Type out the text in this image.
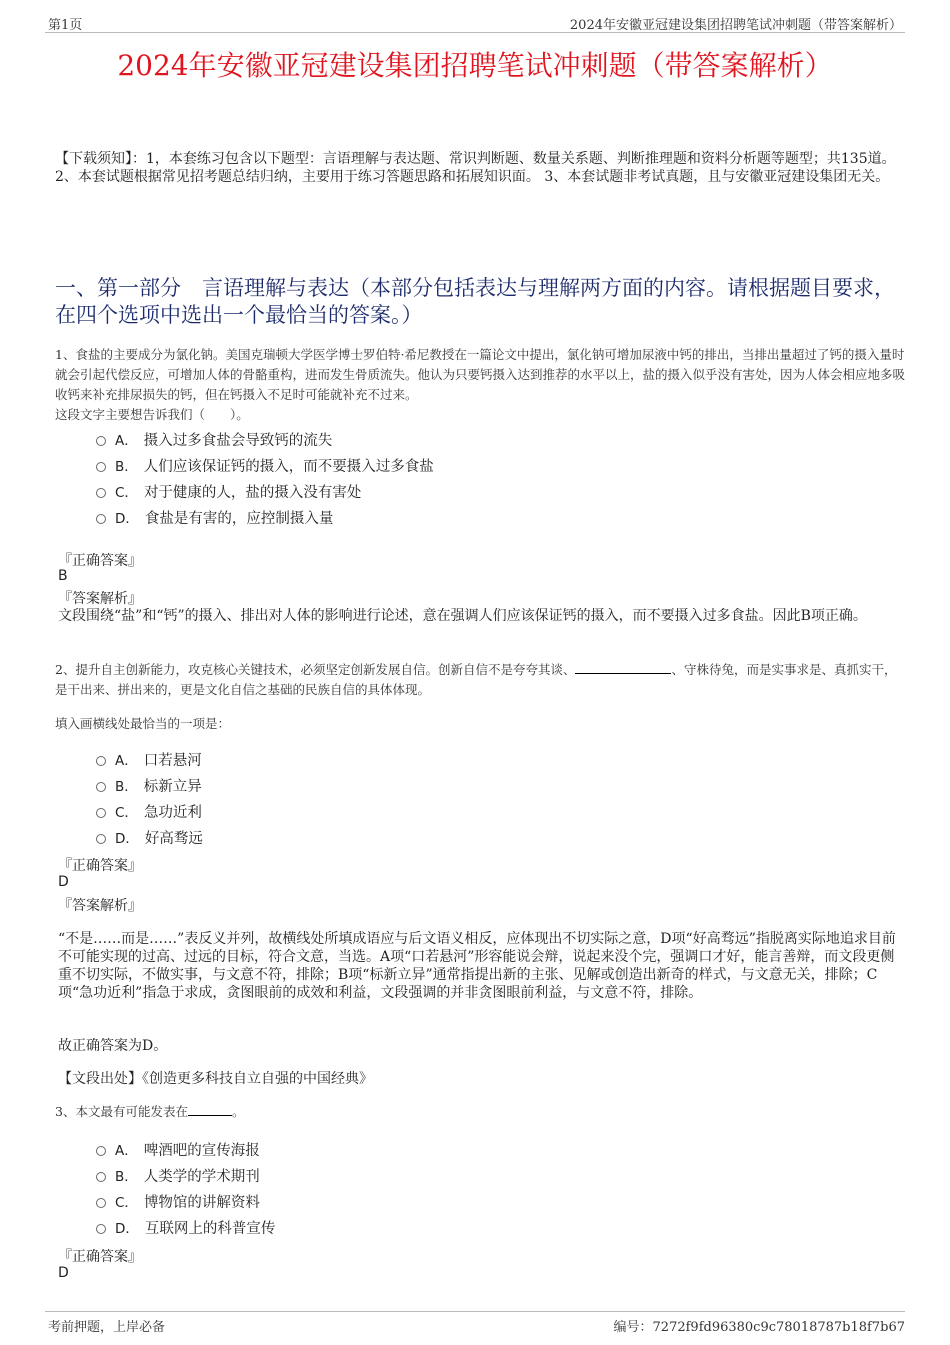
第1页	2024年安徽亚冠建设集团招聘笔试冲刺题（带答案解析）
2024年安徽亚冠建设集团招聘笔试冲刺题（带答案解析）
【下载须知】：1，本套练习包含以下题型：言语理解与表达题、常识判断题、数量关系题、判断推理题和资料分析题等题型；共135道。 2、本套试题根据常见招考题总结归纳，主要用于练习答题思路和拓展知识面。 3、本套试题非考试真题，且与安徽亚冠建设集团无关。
一、第一部分　言语理解与表达（本部分包括表达与理解两方面的内容。请根据题目要求，在四个选项中选出一个最恰当的答案。）
1、食盐的主要成分为氯化钠。美国克瑞顿大学医学博士罗伯特·希尼教授在一篇论文中提出，氯化钠可增加尿液中钙的排出，当排出量超过了钙的摄入量时就会引起代偿反应，可增加人体的骨骼重构，进而发生骨质流失。他认为只要钙摄入达到推荐的水平以上，盐的摄入似乎没有害处，因为人体会相应地多吸收钙来补充排尿损失的钙，但在钙摄入不足时可能就补充不过来。
这段文字主要想告诉我们（　　）。
A． 摄入过多食盐会导致钙的流失
B． 人们应该保证钙的摄入，而不要摄入过多食盐
C． 对于健康的人，盐的摄入没有害处
D． 食盐是有害的，应控制摄入量
『正确答案』
B
『答案解析』
文段围绕“盐”和“钙”的摄入、排出对人体的影响进行论述，意在强调人们应该保证钙的摄入，而不要摄入过多食盐。因此B项正确。
2、提升自主创新能力，攻克核心关键技术，必须坚定创新发展自信。创新自信不是夸夸其谈、	、守株待兔，而是实事求是、真抓实干，是干出来、拼出来的，更是文化自信之基础的民族自信的具体体现。
填入画横线处最恰当的一项是：
A． 口若悬河
B． 标新立异
C． 急功近利
D． 好高骛远
『正确答案』
D
『答案解析』
“不是……而是……”表反义并列，故横线处所填成语应与后文语义相反，应体现出不切实际之意，D项“好高骛远”指脱离实际地追求目前不可能实现的过高、过远的目标，符合文意，当选。A项“口若悬河”形容能说会辩，说起来没个完，强调口才好，能言善辩，而文段更侧重不切实际，不做实事，与文意不符，排除；B项“标新立异”通常指提出新的主张、见解或创造出新奇的样式，与文意无关，排除；C项“急功近利”指急于求成，贪图眼前的成效和利益，文段强调的并非贪图眼前利益，与文意不符，排除。
故正确答案为D。
【文段出处】《创造更多科技自立自强的中国经典》
3、本文最有可能发表在	。
A． 啤酒吧的宣传海报
B． 人类学的学术期刊
C． 博物馆的讲解资料
D． 互联网上的科普宣传
『正确答案』
D
考前押题，上岸必备	编号：7272f9fd96380c9c78018787b18f7b67
